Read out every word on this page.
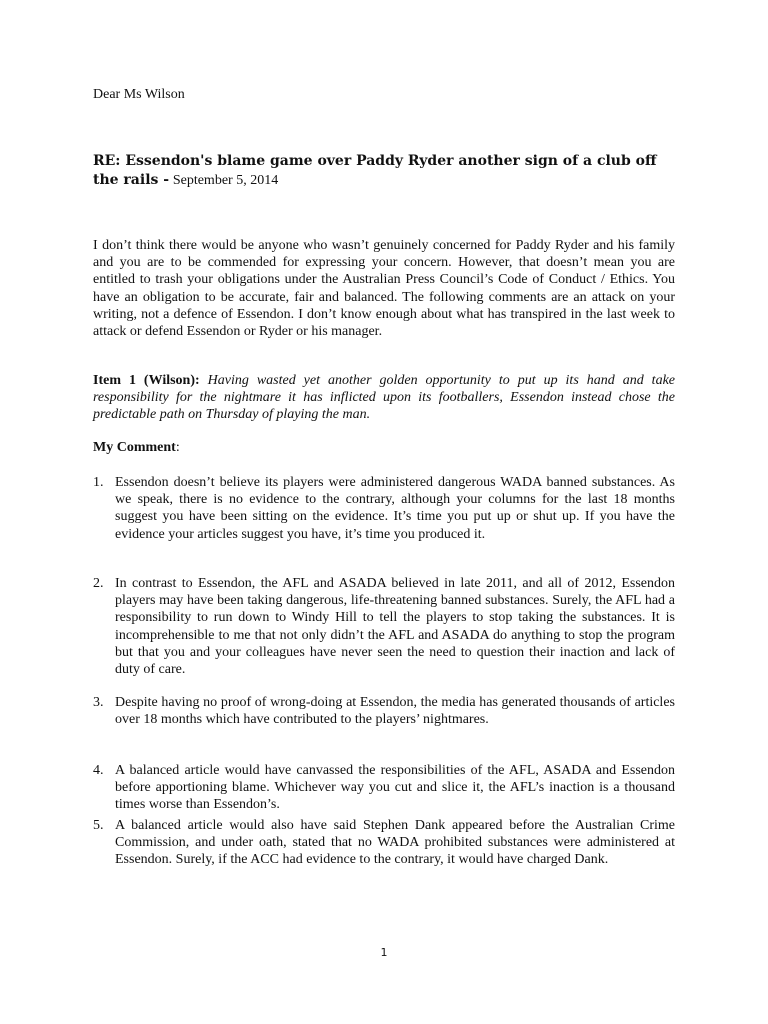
Dear Ms Wilson
RE: Essendon's blame game over Paddy Ryder another sign of a club off the rails - September 5, 2014
I don’t think there would be anyone who wasn’t genuinely concerned for Paddy Ryder and his family and you are to be commended for expressing your concern. However, that doesn’t mean you are entitled to trash your obligations under the Australian Press Council’s Code of Conduct / Ethics. You have an obligation to be accurate, fair and balanced. The following comments are an attack on your writing, not a defence of Essendon. I don’t know enough about what has transpired in the last week to attack or defend Essendon or Ryder or his manager.
Item 1 (Wilson): Having wasted yet another golden opportunity to put up its hand and take responsibility for the nightmare it has inflicted upon its footballers, Essendon instead chose the predictable path on Thursday of playing the man.
My Comment:
1. Essendon doesn’t believe its players were administered dangerous WADA banned substances. As we speak, there is no evidence to the contrary, although your columns for the last 18 months suggest you have been sitting on the evidence. It’s time you put up or shut up. If you have the evidence your articles suggest you have, it’s time you produced it.
2. In contrast to Essendon, the AFL and ASADA believed in late 2011, and all of 2012, Essendon players may have been taking dangerous, life-threatening banned substances. Surely, the AFL had a responsibility to run down to Windy Hill to tell the players to stop taking the substances. It is incomprehensible to me that not only didn’t the AFL and ASADA do anything to stop the program but that you and your colleagues have never seen the need to question their inaction and lack of duty of care.
3. Despite having no proof of wrong-doing at Essendon, the media has generated thousands of articles over 18 months which have contributed to the players’ nightmares.
4. A balanced article would have canvassed the responsibilities of the AFL, ASADA and Essendon before apportioning blame. Whichever way you cut and slice it, the AFL’s inaction is a thousand times worse than Essendon’s.
5. A balanced article would also have said Stephen Dank appeared before the Australian Crime Commission, and under oath, stated that no WADA prohibited substances were administered at Essendon. Surely, if the ACC had evidence to the contrary, it would have charged Dank.
1
